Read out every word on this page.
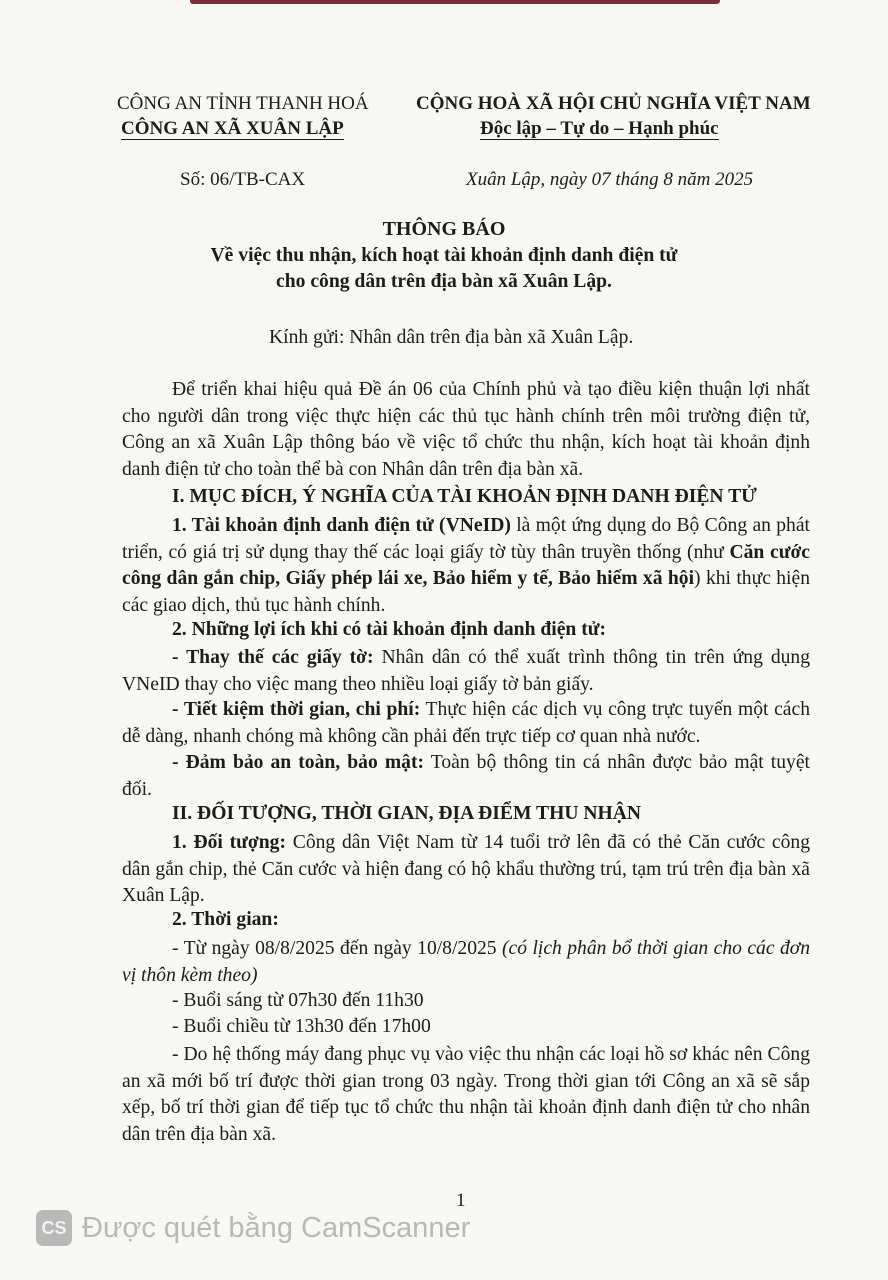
CÔNG AN TỈNH THANH HOÁ
CÔNG AN XÃ XUÂN LẬP
CỘNG HOÀ XÃ HỘI CHỦ NGHĨA VIỆT NAM
Độc lập – Tự do – Hạnh phúc
Số: 06/TB-CAX	Xuân Lập, ngày 07 tháng 8 năm 2025
THÔNG BÁO
Về việc thu nhận, kích hoạt tài khoản định danh điện tử
cho công dân trên địa bàn xã Xuân Lập.
Kính gửi: Nhân dân trên địa bàn xã Xuân Lập.
Để triển khai hiệu quả Đề án 06 của Chính phủ và tạo điều kiện thuận lợi nhất cho người dân trong việc thực hiện các thủ tục hành chính trên môi trường điện tử, Công an xã Xuân Lập thông báo về việc tổ chức thu nhận, kích hoạt tài khoản định danh điện tử cho toàn thể bà con Nhân dân trên địa bàn xã.
I. MỤC ĐÍCH, Ý NGHĨA CỦA TÀI KHOẢN ĐỊNH DANH ĐIỆN TỬ
1. Tài khoản định danh điện tử (VNeID) là một ứng dụng do Bộ Công an phát triển, có giá trị sử dụng thay thế các loại giấy tờ tùy thân truyền thống (như Căn cước công dân gắn chip, Giấy phép lái xe, Bảo hiểm y tế, Bảo hiểm xã hội) khi thực hiện các giao dịch, thủ tục hành chính.
2. Những lợi ích khi có tài khoản định danh điện tử:
- Thay thế các giấy tờ: Nhân dân có thể xuất trình thông tin trên ứng dụng VNeID thay cho việc mang theo nhiều loại giấy tờ bản giấy.
- Tiết kiệm thời gian, chi phí: Thực hiện các dịch vụ công trực tuyến một cách dễ dàng, nhanh chóng mà không cần phải đến trực tiếp cơ quan nhà nước.
- Đảm bảo an toàn, bảo mật: Toàn bộ thông tin cá nhân được bảo mật tuyệt đối.
II. ĐỐI TƯỢNG, THỜI GIAN, ĐỊA ĐIỂM THU NHẬN
1. Đối tượng: Công dân Việt Nam từ 14 tuổi trở lên đã có thẻ Căn cước công dân gắn chip, thẻ Căn cước và hiện đang có hộ khẩu thường trú, tạm trú trên địa bàn xã Xuân Lập.
2. Thời gian:
- Từ ngày 08/8/2025 đến ngày 10/8/2025 (có lịch phân bổ thời gian cho các đơn vị thôn kèm theo)
- Buổi sáng từ 07h30 đến 11h30
- Buổi chiều từ 13h30 đến 17h00
- Do hệ thống máy đang phục vụ vào việc thu nhận các loại hồ sơ khác nên Công an xã mới bố trí được thời gian trong 03 ngày. Trong thời gian tới Công an xã sẽ sắp xếp, bố trí thời gian để tiếp tục tổ chức thu nhận tài khoản định danh điện tử cho nhân dân trên địa bàn xã.
1
CS Được quét bằng CamScanner
